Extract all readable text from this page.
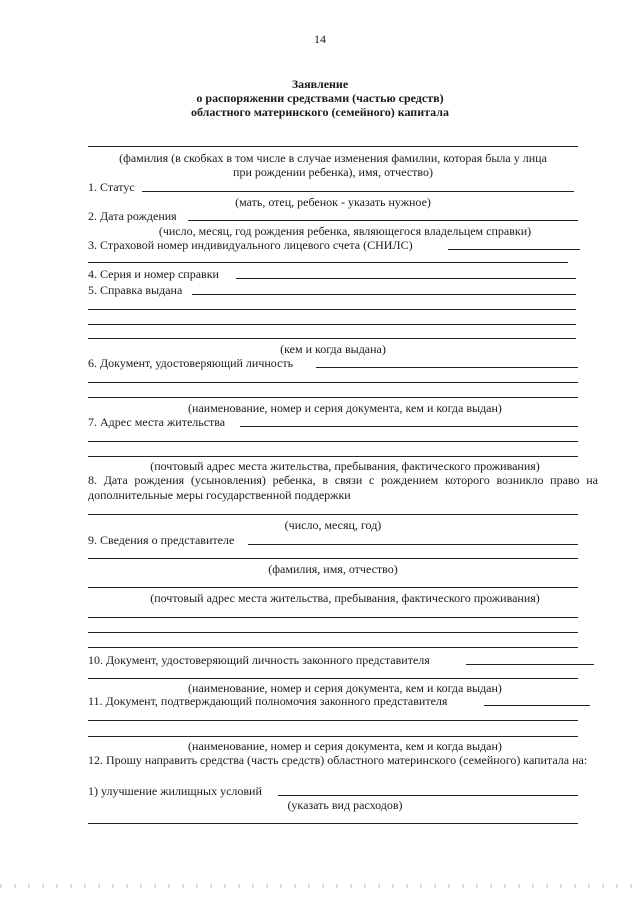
14
Заявление
о распоряжении средствами (частью средств)
областного материнского (семейного) капитала
(фамилия (в скобках в том числе в случае изменения фамилии, которая была у лица
при рождении ребенка), имя, отчество)
1. Статус
(мать, отец, ребенок - указать нужное)
2. Дата рождения
(число, месяц, год рождения ребенка, являющегося владельцем справки)
3. Страховой номер индивидуального лицевого счета (СНИЛС)
4. Серия и номер справки
5. Справка выдана
(кем и когда выдана)
6. Документ, удостоверяющий личность
(наименование, номер и серия документа, кем и когда выдан)
7. Адрес места жительства
(почтовый адрес места жительства, пребывания, фактического проживания)
8. Дата рождения (усыновления) ребенка, в связи с рождением которого возникло право на дополнительные меры государственной поддержки
(число, месяц, год)
9. Сведения о представителе
(фамилия, имя, отчество)
(почтовый адрес места жительства, пребывания, фактического проживания)
10. Документ, удостоверяющий личность законного представителя
(наименование, номер и серия документа, кем и когда выдан)
11. Документ, подтверждающий полномочия законного представителя
(наименование, номер и серия документа, кем и когда выдан)
12. Прошу направить средства (часть средств) областного материнского (семейного) капитала на:
1) улучшение жилищных условий
(указать вид расходов)
